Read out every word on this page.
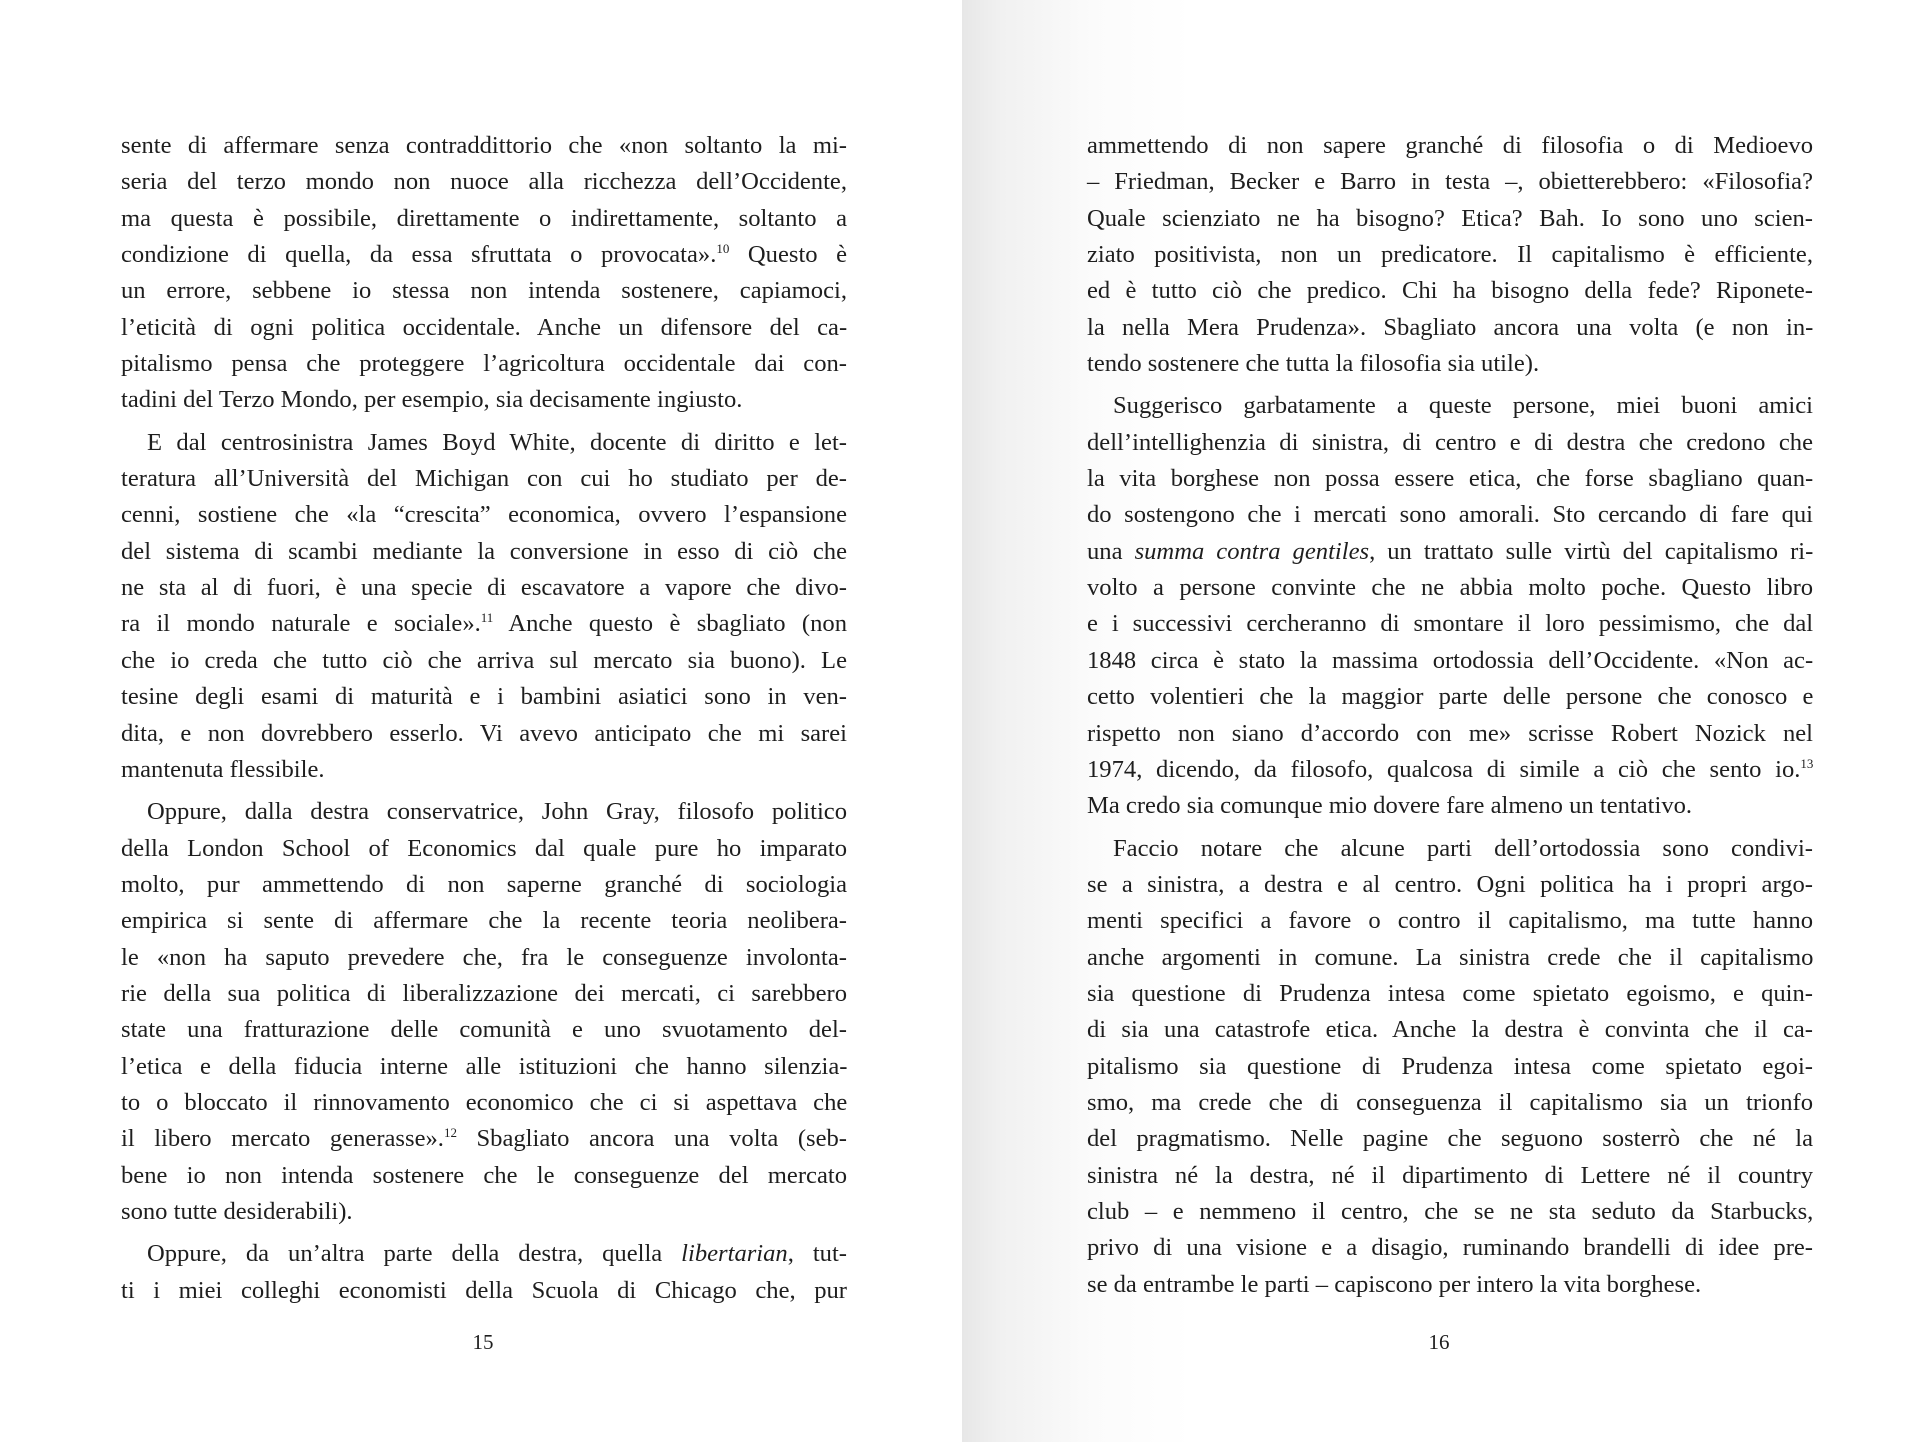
sente di affermare senza contraddittorio che «non soltanto la mi-
seria del terzo mondo non nuoce alla ricchezza dell’Occidente,
ma questa è possibile, direttamente o indirettamente, soltanto a
condizione di quella, da essa sfruttata o provocata».$^{10}$ Questo è
un errore, sebbene io stessa non intenda sostenere, capiamoci,
l’eticità di ogni politica occidentale. Anche un difensore del ca-
pitalismo pensa che proteggere l’agricoltura occidentale dai con-
tadini del Terzo Mondo, per esempio, sia decisamente ingiusto.

E dal centrosinistra James Boyd White, docente di diritto e let-
teratura all’Università del Michigan con cui ho studiato per de-
cenni, sostiene che «la “crescita” economica, ovvero l’espansione
del sistema di scambi mediante la conversione in esso di ciò che
ne sta al di fuori, è una specie di escavatore a vapore che divo-
ra il mondo naturale e sociale».$^{11}$ Anche questo è sbagliato (non
che io creda che tutto ciò che arriva sul mercato sia buono). Le
tesine degli esami di maturità e i bambini asiatici sono in ven-
dita, e non dovrebbero esserlo. Vi avevo anticipato che mi sarei
mantenuta flessibile.

Oppure, dalla destra conservatrice, John Gray, filosofo politico
della London School of Economics dal quale pure ho imparato
molto, pur ammettendo di non saperne granché di sociologia
empirica si sente di affermare che la recente teoria neolibera-
le «non ha saputo prevedere che, fra le conseguenze involonta-
rie della sua politica di liberalizzazione dei mercati, ci sarebbero
state una fratturazione delle comunità e uno svuotamento del-
l’etica e della fiducia interne alle istituzioni che hanno silenzia-
to o bloccato il rinnovamento economico che ci si aspettava che
il libero mercato generasse».$^{12}$ Sbagliato ancora una volta (seb-
bene io non intenda sostenere che le conseguenze del mercato
sono tutte desiderabili).

Oppure, da un’altra parte della destra, quella libertarian, tut-
ti i miei colleghi economisti della Scuola di Chicago che, pur

15

ammettendo di non sapere granché di filosofia o di Medioevo
– Friedman, Becker e Barro in testa –, obietterebbero: «Filosofia?
Quale scienziato ne ha bisogno? Etica? Bah. Io sono uno scien-
ziato positivista, non un predicatore. Il capitalismo è efficiente,
ed è tutto ciò che predico. Chi ha bisogno della fede? Riponete-
la nella Mera Prudenza». Sbagliato ancora una volta (e non in-
tendo sostenere che tutta la filosofia sia utile).

Suggerisco garbatamente a queste persone, miei buoni amici
dell’intellighenzia di sinistra, di centro e di destra che credono che
la vita borghese non possa essere etica, che forse sbagliano quan-
do sostengono che i mercati sono amorali. Sto cercando di fare qui
una summa contra gentiles, un trattato sulle virtù del capitalismo ri-
volto a persone convinte che ne abbia molto poche. Questo libro
e i successivi cercheranno di smontare il loro pessimismo, che dal
1848 circa è stato la massima ortodossia dell’Occidente. «Non ac-
cetto volentieri che la maggior parte delle persone che conosco e
rispetto non siano d’accordo con me» scrisse Robert Nozick nel
1974, dicendo, da filosofo, qualcosa di simile a ciò che sento io.$^{13}$
Ma credo sia comunque mio dovere fare almeno un tentativo.

Faccio notare che alcune parti dell’ortodossia sono condivi-
se a sinistra, a destra e al centro. Ogni politica ha i propri argo-
menti specifici a favore o contro il capitalismo, ma tutte hanno
anche argomenti in comune. La sinistra crede che il capitalismo
sia questione di Prudenza intesa come spietato egoismo, e quin-
di sia una catastrofe etica. Anche la destra è convinta che il ca-
pitalismo sia questione di Prudenza intesa come spietato egoi-
smo, ma crede che di conseguenza il capitalismo sia un trionfo
del pragmatismo. Nelle pagine che seguono sosterrò che né la
sinistra né la destra, né il dipartimento di Lettere né il country
club – e nemmeno il centro, che se ne sta seduto da Starbucks,
privo di una visione e a disagio, ruminando brandelli di idee pre-
se da entrambe le parti – capiscono per intero la vita borghese.

16
